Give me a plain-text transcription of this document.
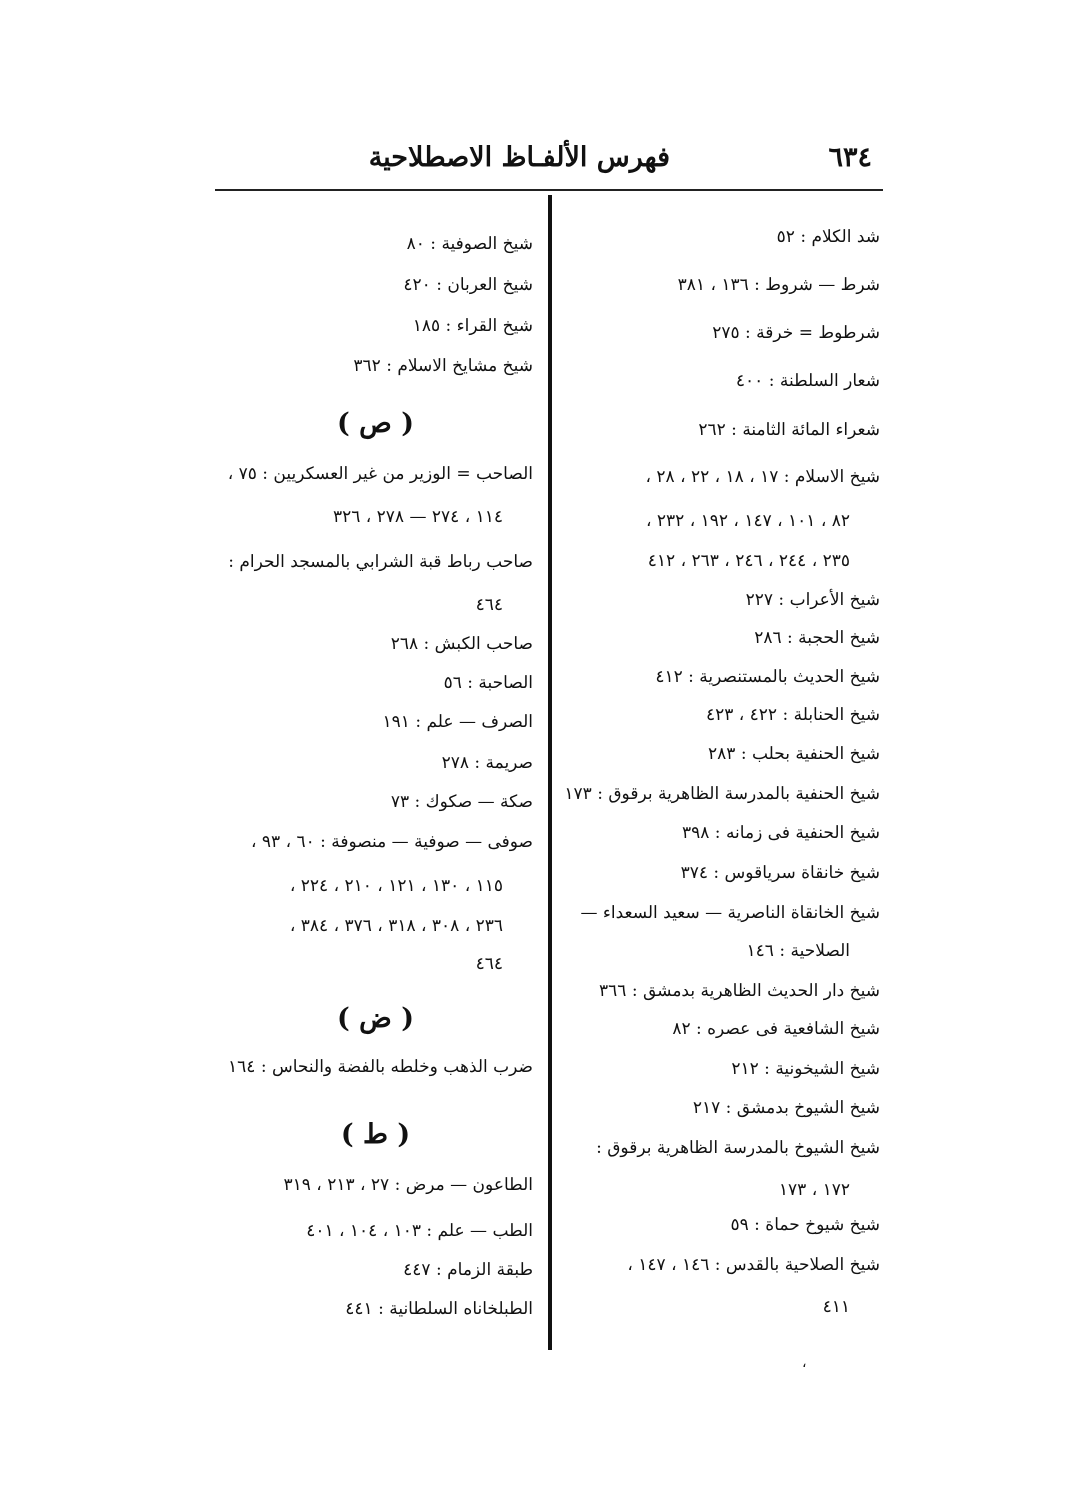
٦٣٤
فهرس الألفـاظ الاصطلاحية
شد الكلام : ٥٢
شرط — شروط : ١٣٦ ، ٣٨١
شرطوط = خرقة : ٢٧٥
شعار السلطنة : ٤٠٠
شعراء المائة الثامنة : ٢٦٢
شيخ الاسلام : ١٧ ، ١٨ ، ٢٢ ، ٢٨ ،
٨٢ ، ١٠١ ، ١٤٧ ، ١٩٢ ، ٢٣٢ ،
٢٣٥ ، ٢٤٤ ، ٢٤٦ ، ٢٦٣ ، ٤١٢
شيخ الأعراب : ٢٢٧
شيخ الحجبة : ٢٨٦
شيخ الحديث بالمستنصرية : ٤١٢
شيخ الحنابلة : ٤٢٢ ، ٤٢٣
شيخ الحنفية بحلب : ٢٨٣
شيخ الحنفية بالمدرسة الظاهرية برقوق : ١٧٣
شيخ الحنفية فى زمانه : ٣٩٨
شيخ خانقاة سرياقوس : ٣٧٤
شيخ الخانقاة الناصرية — سعيد السعداء —
الصلاحية : ١٤٦
شيخ دار الحديث الظاهرية بدمشق : ٣٦٦
شيخ الشافعية فى عصره : ٨٢
شيخ الشيخونية : ٢١٢
شيخ الشيوخ بدمشق : ٢١٧
شيخ الشيوخ بالمدرسة الظاهرية برقوق :
١٧٢ ، ١٧٣
شيخ شيوخ حماة : ٥٩
شيخ الصلاحية بالقدس : ١٤٦ ، ١٤٧ ،
٤١١
شيخ الصوفية : ٨٠
شيخ العربان : ٤٢٠
شيخ القراء : ١٨٥
شيخ مشايخ الاسلام : ٣٦٢
( ص )
الصاحب = الوزير من غير العسكريين : ٧٥ ،
١١٤ ، ٢٧٤ — ٢٧٨ ، ٣٢٦
صاحب رباط قبة الشرابي بالمسجد الحرام :
٤٦٤
صاحب الكبش : ٢٦٨
الصاحبة : ٥٦
الصرف — علم : ١٩١
صريمة : ٢٧٨
صكة — صكوك : ٧٣
صوفى — صوفية — منصوفة : ٦٠ ، ٩٣ ،
١١٥ ، ١٣٠ ، ١٢١ ، ٢١٠ ، ٢٢٤ ،
٢٣٦ ، ٣٠٨ ، ٣١٨ ، ٣٧٦ ، ٣٨٤ ،
٤٦٤
( ض )
ضرب الذهب وخلطه بالفضة والنحاس : ١٦٤
( ط )
الطاعون — مرض : ٢٧ ، ٢١٣ ، ٣١٩
الطب — علم : ١٠٣ ، ١٠٤ ، ٤٠١
طبقة الزمام : ٤٤٧
الطبلخاناه السلطانية : ٤٤١
،
